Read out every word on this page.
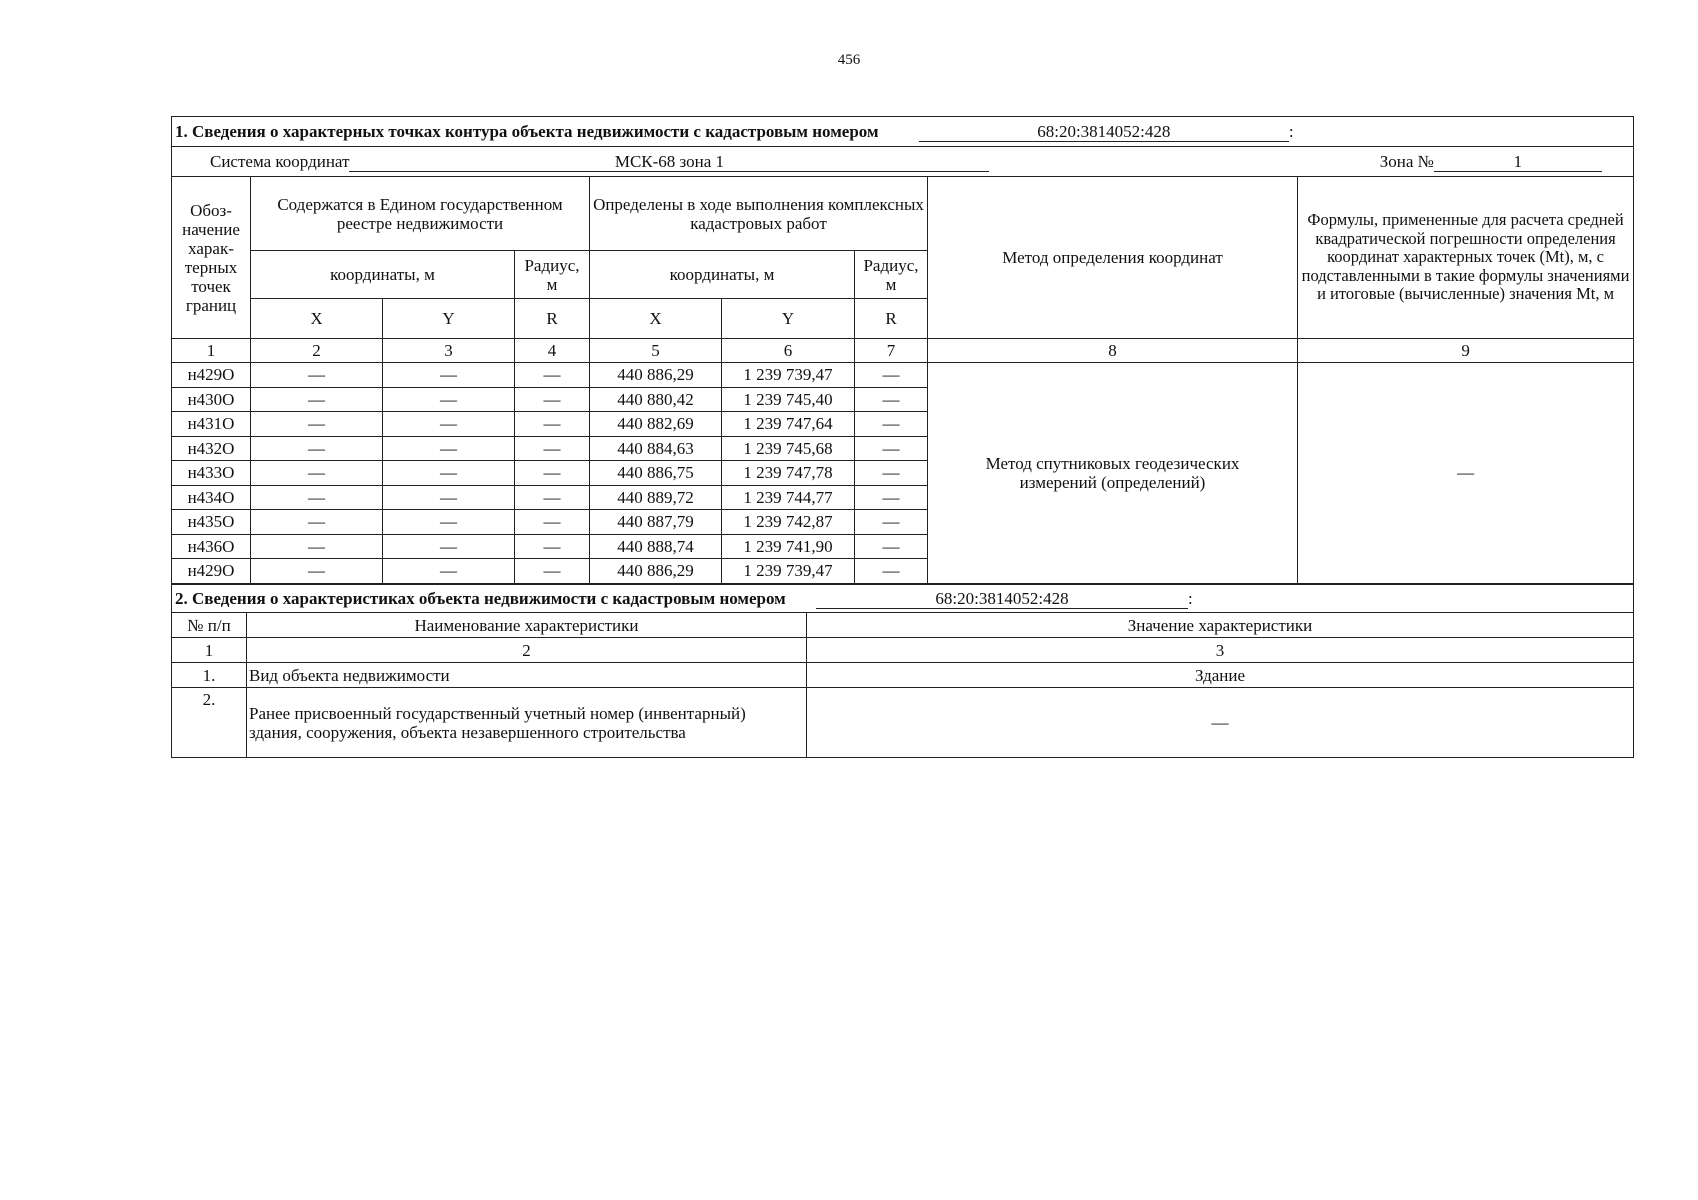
456
1. Сведения о характерных точках контура объекта недвижимости с кадастровым номером 68:20:3814052:428 :								
Система координат МСК-68 зона 1 Зона № 1								
Обоз-начение харак-терных точек границ	Содержатся в Едином государственном реестре недвижимости			Определены в ходе выполнения комплексных кадастровых работ			Метод определения координат	Формулы, примененные для расчета средней квадратической погрешности определения координат характерных точек (Mt), м, с подставленными в такие формулы значениями и итоговые (вычисленные) значения Mt, м
	координаты, м		Радиус, м	координаты, м		Радиус, м		
	X	Y	R	X	Y	R		
1	2	3	4	5	6	7	8	9
н429О	—	—	—	440 886,29	1 239 739,47	—	Метод спутниковых геодезических измерений (определений)	—
н430О	—	—	—	440 880,42	1 239 745,40	—		
н431О	—	—	—	440 882,69	1 239 747,64	—		
н432О	—	—	—	440 884,63	1 239 745,68	—		
н433О	—	—	—	440 886,75	1 239 747,78	—		
н434О	—	—	—	440 889,72	1 239 744,77	—		
н435О	—	—	—	440 887,79	1 239 742,87	—		
н436О	—	—	—	440 888,74	1 239 741,90	—		
н429О	—	—	—	440 886,29	1 239 739,47	—		
2. Сведения о характеристиках объекта недвижимости с кадастровым номером 68:20:3814052:428 :		
№ п/п	Наименование характеристики	Значение характеристики
1	2	3
1.	Вид объекта недвижимости	Здание
2.	Ранее присвоенный государственный учетный номер (инвентарный) здания, сооружения, объекта незавершенного строительства	—
